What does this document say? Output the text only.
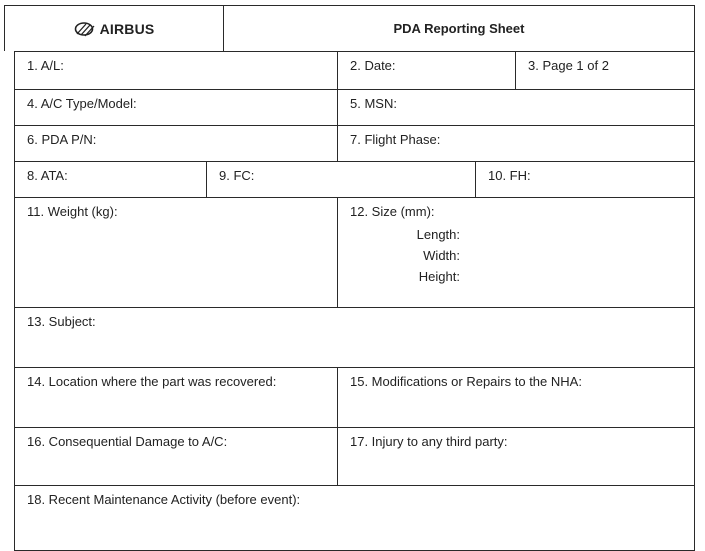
AIRBUS	PDA Reporting Sheet
1. A/L:	2. Date:	3. Page 1 of 2
4. A/C Type/Model:	5. MSN:
6. PDA P/N:	7. Flight Phase:
8. ATA:	9. FC:	10. FH:
11. Weight (kg):	12. Size (mm):
Length:
Width:
Height:
13. Subject:
14. Location where the part was recovered:	15. Modifications or Repairs to the NHA:
16. Consequential Damage to A/C:	17. Injury to any third party:
18. Recent Maintenance Activity (before event):
